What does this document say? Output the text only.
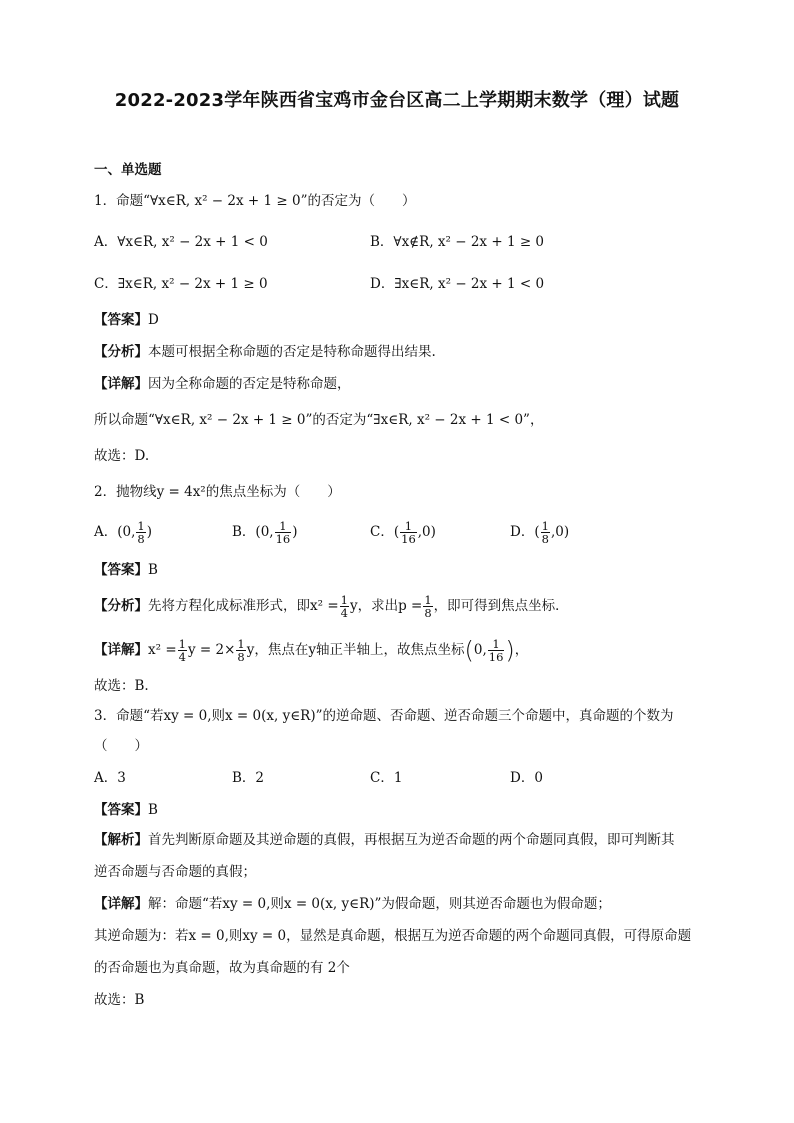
2022-2023学年陕西省宝鸡市金台区高二上学期期末数学（理）试题
一、单选题
1．命题“∀x∈R, x² − 2x + 1 ≥ 0”的否定为（　　）
A．∀x∈R, x² − 2x + 1 < 0	B．∀x∉R, x² − 2x + 1 ≥ 0
C．∃x∈R, x² − 2x + 1 ≥ 0	D．∃x∈R, x² − 2x + 1 < 0
【答案】D
【分析】本题可根据全称命题的否定是特称命题得出结果.
【详解】因为全称命题的否定是特称命题，
所以命题“∀x∈R, x² − 2x + 1 ≥ 0”的否定为“∃x∈R, x² − 2x + 1 < 0”，
故选：D.
2．抛物线y = 4x²的焦点坐标为（　　）
A．(0, $\frac{1}{8}$ )	B．(0, $\frac{1}{16}$ )	C．( $\frac{1}{16} ,0$)	D．( $\frac{1}{8} ,0$)
【答案】B
【分析】先将方程化成标准形式，即$x^2 = \frac{1}{4}$ y，求出$p = \frac{1}{8}$ ，即可得到焦点坐标．
【详解】$x^2 = \frac{1}{4}$ $y = 2\times \frac{1}{8}$ y，焦点在y轴正半轴上，故焦点坐标(0, $\frac{1}{16}$ )，
故选：B.
3．命题“若xy = 0,则x = 0(x, y∈R)”的逆命题、否命题、逆否命题三个命题中，真命题的个数为
（　　）
A．3	B．2	C．1	D．0
【答案】B
【解析】首先判断原命题及其逆命题的真假，再根据互为逆否命题的两个命题同真假，即可判断其
逆否命题与否命题的真假；
【详解】解：命题“若xy = 0,则x = 0(x, y∈R)”为假命题，则其逆否命题也为假命题；
其逆命题为：若x = 0,则xy = 0，显然是真命题，根据互为逆否命题的两个命题同真假，可得原命题
的否命题也为真命题，故为真命题的有 2个
故选：B
